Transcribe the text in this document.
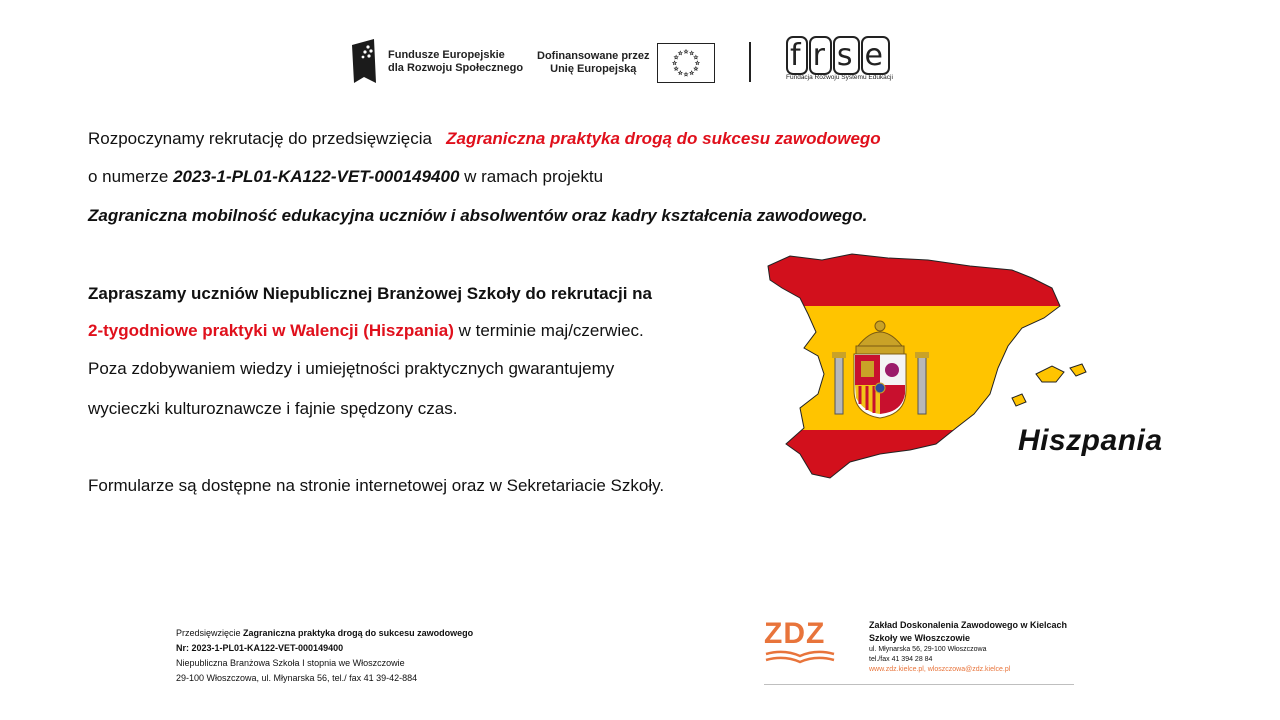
Fundusze Europejskie
dla Rozwoju Społecznego
Dofinansowane przez
Unię Europejską	f r s e
Fundacja Rozwoju Systemu Edukacji
Rozpoczynamy rekrutację do przedsięwzięcia Zagraniczna praktyka drogą do sukcesu zawodowego
o numerze 2023-1-PL01-KA122-VET-000149400 w ramach projektu
Zagraniczna mobilność edukacyjna uczniów i absolwentów oraz kadry kształcenia zawodowego.
Zapraszamy uczniów Niepublicznej Branżowej Szkoły do rekrutacji na
2-tygodniowe praktyki w Walencji (Hiszpania) w terminie maj/czerwiec.
Poza zdobywaniem wiedzy i umiejętności praktycznych gwarantujemy
wycieczki kulturoznawcze i fajnie spędzony czas.
Formularze są dostępne na stronie internetowej oraz w Sekretariacie Szkoły.
Hiszpania
Przedsięwzięcie Zagraniczna praktyka drogą do sukcesu zawodowego
Nr: 2023-1-PL01-KA122-VET-000149400
Niepubliczna Branżowa Szkoła I stopnia we Włoszczowie
29-100 Włoszczowa, ul. Młynarska 56, tel./ fax 41 39-42-884
ZDZ	Zakład Doskonalenia Zawodowego w Kielcach
Szkoły we Włoszczowie
ul. Młynarska 56, 29-100 Włoszczowa
tel./fax 41 394 28 84
www.zdz.kielce.pl, wloszczowa@zdz.kielce.pl
